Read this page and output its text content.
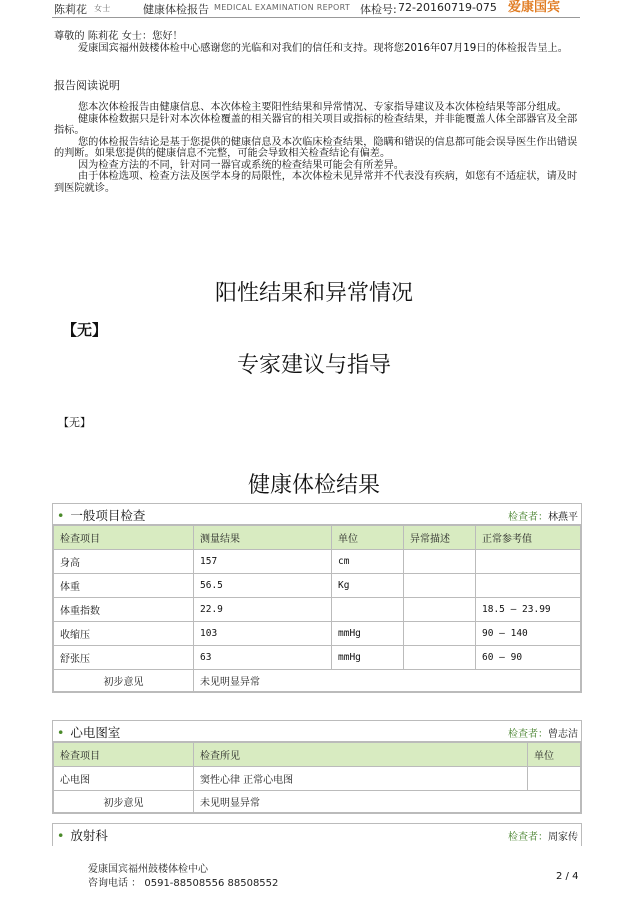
陈莉花 女士	健康体检报告 MEDICAL EXAMINATION REPORT 体检号: 72-20160719-075 爱康国宾
尊敬的 陈莉花 女士：您好！
爱康国宾福州鼓楼体检中心感谢您的光临和对我们的信任和支持。现将您2016年07月19日的体检报告呈上。
报告阅读说明
您本次体检报告由健康信息、本次体检主要阳性结果和异常情况、专家指导建议及本次体检结果等部分组成。
健康体检数据只是针对本次体检覆盖的相关器官的相关项目或指标的检查结果，并非能覆盖人体全部器官及全部指标。
您的体检报告结论是基于您提供的健康信息及本次临床检查结果，隐瞒和错误的信息都可能会误导医生作出错误的判断。如果您提供的健康信息不完整，可能会导致相关检查结论有偏差。
因为检查方法的不同，针对同一器官或系统的检查结果可能会有所差异。
由于体检选项、检查方法及医学本身的局限性，本次体检未见异常并不代表没有疾病，如您有不适症状，请及时到医院就诊。
阳性结果和异常情况
【无】
专家建议与指导
【无】
健康体检结果
• 一般项目检查	检查者：林燕平
检查项目	测量结果	单位	异常描述	正常参考值
身高	157	cm		
体重	56.5	Kg		
体重指数	22.9			18.5 — 23.99
收缩压	103	mmHg		90 — 140
舒张压	63	mmHg		60 — 90
初步意见	未见明显异常			
• 心电图室	检查者：曾志洁
检查项目	检查所见	单位
心电图	窦性心律 正常心电图	
初步意见	未见明显异常	
• 放射科	检查者：周家传
爱康国宾福州鼓楼体检中心
咨询电话 ： 0591-88508556 88508552
2 / 4
